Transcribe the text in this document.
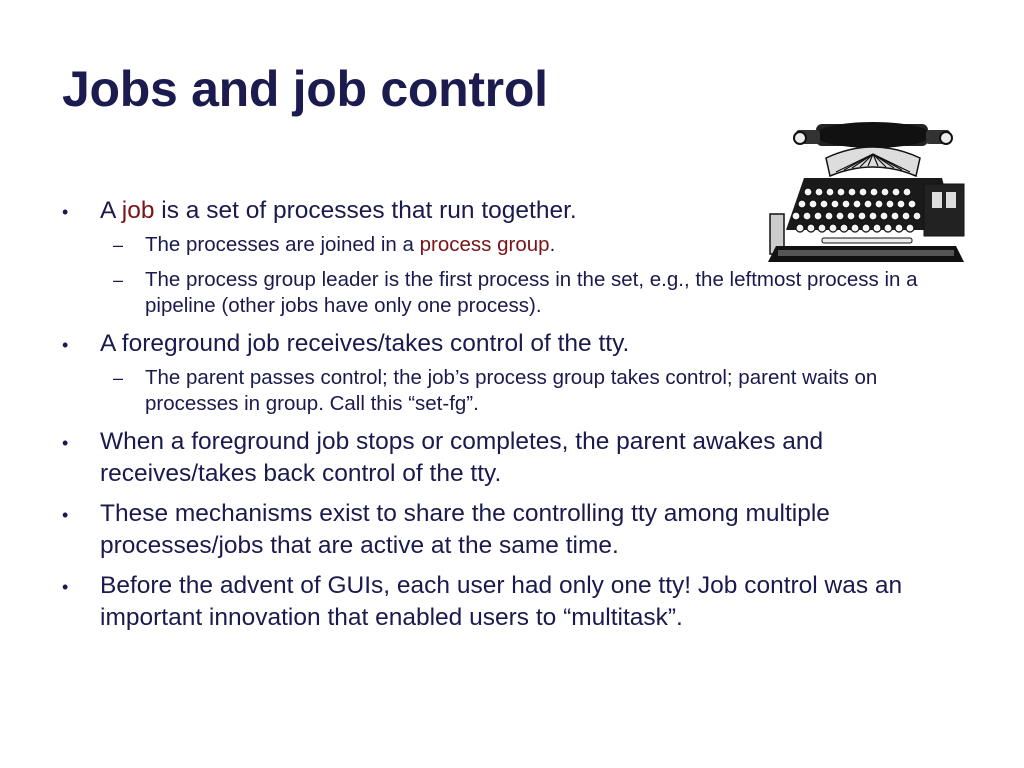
Jobs and job control
•	A job is a set of processes that run together.
– The processes are joined in a process group.
– The process group leader is the first process in the set, e.g., the leftmost process in a pipeline (other jobs have only one process).
•	A foreground job receives/takes control of the tty.
– The parent passes control; the job’s process group takes control; parent waits on processes in group. Call this “set-fg”.
•	When a foreground job stops or completes, the parent awakes and receives/takes back control of the tty.
•	These mechanisms exist to share the controlling tty among multiple processes/jobs that are active at the same time.
•	Before the advent of GUIs, each user had only one tty! Job control was an important innovation that enabled users to “multitask”.
